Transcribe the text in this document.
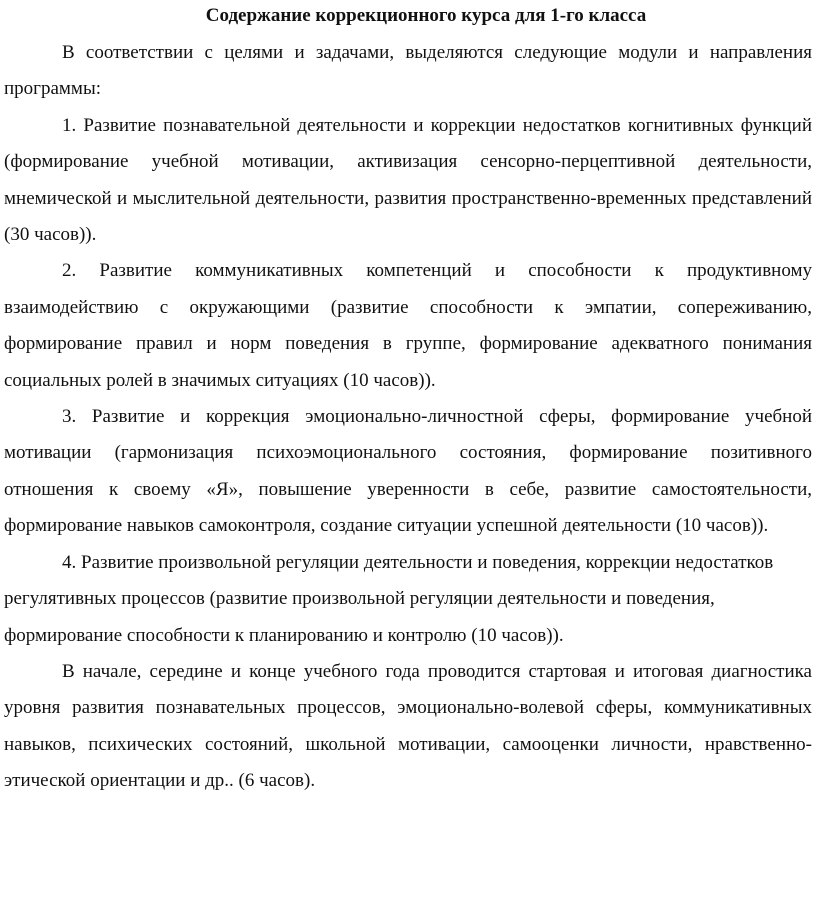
Содержание коррекционного курса для 1-го класса

В соответствии с целями и задачами, выделяются следующие модули и направления программы:

1. Развитие познавательной деятельности и коррекции недостатков когнитивных функций (формирование учебной мотивации, активизация сенсорно-перцептивной деятельности, мнемической и мыслительной деятельности, развития пространственно-временных представлений (30 часов)).

2. Развитие коммуникативных компетенций и способности к продуктивному взаимодействию с окружающими (развитие способности к эмпатии, сопереживанию, формирование правил и норм поведения в группе, формирование адекватного понимания социальных ролей в значимых ситуациях (10 часов)).

3. Развитие и коррекция эмоционально-личностной сферы, формирование учебной мотивации (гармонизация психоэмоционального состояния, формирование позитивного отношения к своему «Я», повышение уверенности в себе, развитие самостоятельности, формирование навыков самоконтроля, создание ситуации успешной деятельности (10 часов)).

4. Развитие произвольной регуляции деятельности и поведения, коррекции недостатков регулятивных процессов (развитие произвольной регуляции деятельности и поведения, формирование способности к планированию и контролю (10 часов)).

В начале, середине и конце учебного года проводится стартовая и итоговая диагностика уровня развития познавательных процессов, эмоционально-волевой сферы, коммуникативных навыков, психических состояний, школьной мотивации, самооценки личности, нравственно-этической ориентации и др.. (6 часов).
